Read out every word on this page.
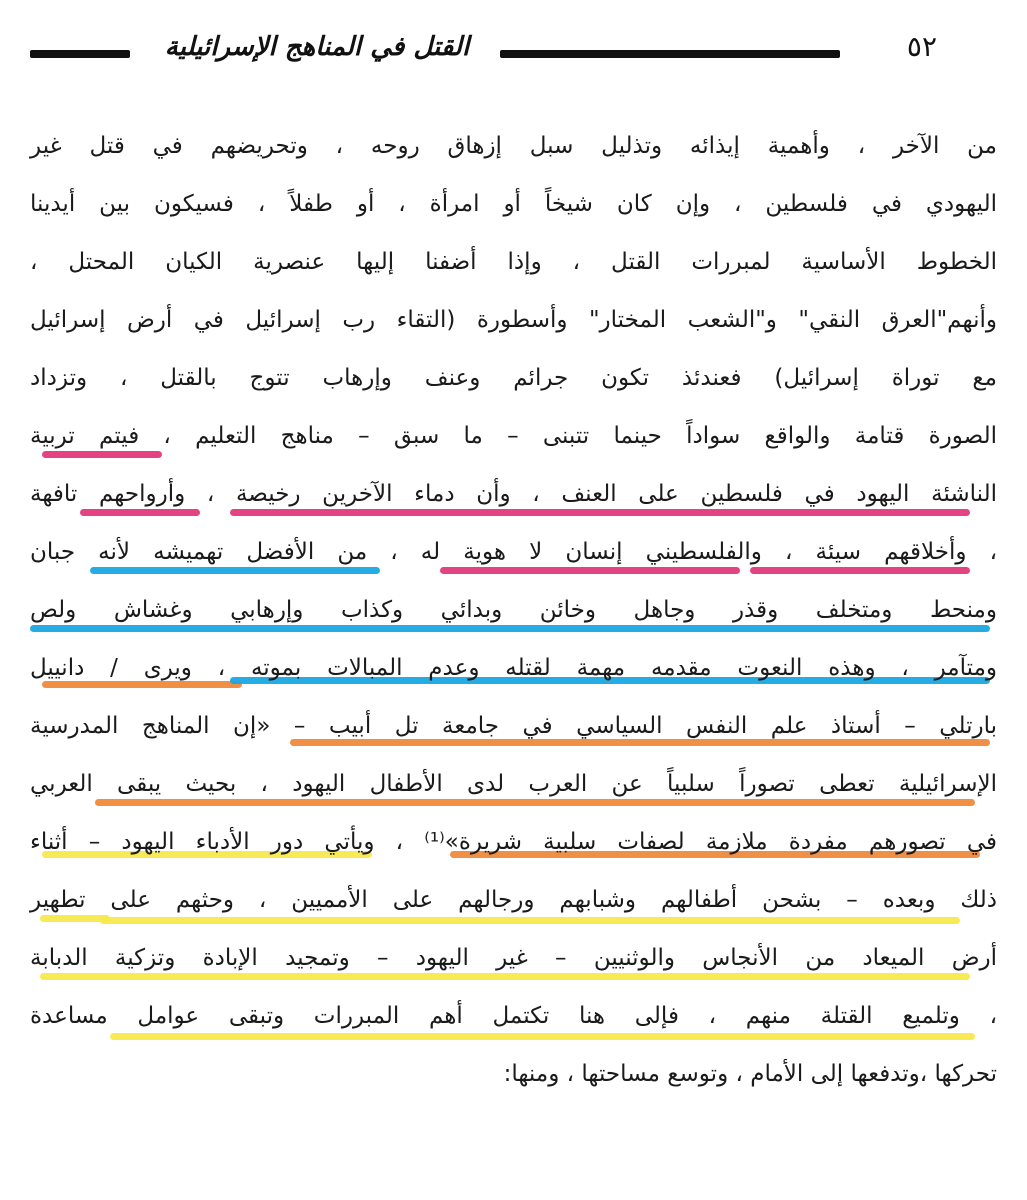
القتل في المناهج الإسرائيلية	٥٢
من الآخر ، وأهمية إيذائه وتذليل سبل إزهاق روحه ، وتحريضهم في قتل غير
اليهودي في فلسطين ، وإن كان شيخاً أو امرأة ، أو طفلاً ، فسيكون بين أيدينا
الخطوط الأساسية لمبررات القتل ، وإذا أضفنا إليها عنصرية الكيان المحتل ،
وأنهم"العرق النقي" و"الشعب المختار" وأسطورة (التقاء رب إسرائيل في أرض إسرائيل
مع توراة إسرائيل) فعندئذ تكون جرائم وعنف وإرهاب تتوج بالقتل ، وتزداد
الصورة قتامة والواقع سواداً حينما تتبنى – ما سبق – مناهج التعليم ، فيتم تربية
الناشئة اليهود في فلسطين على العنف ، وأن دماء الآخرين رخيصة ، وأرواحهم تافهة
، وأخلاقهم سيئة ، والفلسطيني إنسان لا هوية له ، من الأفضل تهميشه لأنه جبان
ومنحط ومتخلف وقذر وجاهل وخائن وبدائي وكذاب وإرهابي وغشاش ولص
ومتآمر ، وهذه النعوت مقدمه مهمة لقتله وعدم المبالات بموته ، ويرى / دانييل
بارتلي – أستاذ علم النفس السياسي في جامعة تل أبيب – «إن المناهج المدرسية
الإسرائيلية تعطى تصوراً سلبياً عن العرب لدى الأطفال اليهود ، بحيث يبقى العربي
في تصورهم مفردة ملازمة لصفات سلبية شريرة»⁽¹⁾ ، ويأتي دور الأدباء اليهود – أثناء
ذلك وبعده – بشحن أطفالهم وشبابهم ورجالهم على الأمميين ، وحثهم على تطهير
أرض الميعاد من الأنجاس والوثنيين – غير اليهود – وتمجيد الإبادة وتزكية الدبابة
، وتلميع القتلة منهم ، فإلى هنا تكتمل أهم المبررات وتبقى عوامل مساعدة
تحركها ،وتدفعها إلى الأمام ، وتوسع مساحتها ، ومنها:
